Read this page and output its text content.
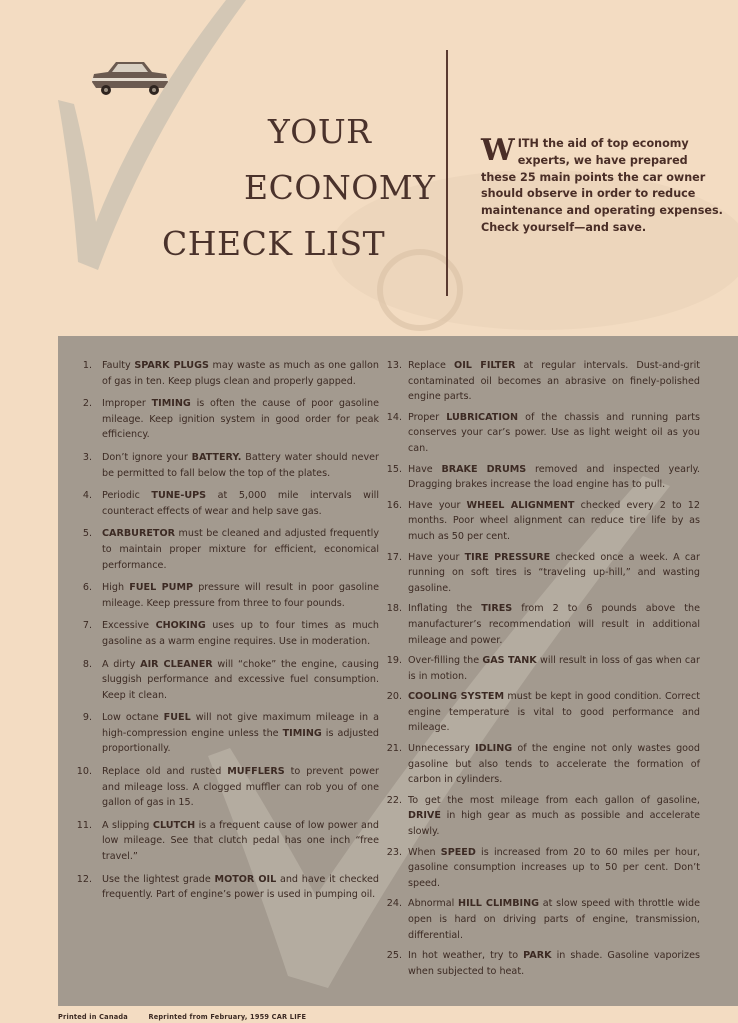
YOUR
ECONOMY
CHECK LIST
W ITH the aid of top economy experts, we have prepared these 25 main points the car owner should observe in order to reduce maintenance and operating expenses. Check yourself—and save.
1. Faulty SPARK PLUGS may waste as much as one gallon of gas in ten. Keep plugs clean and properly gapped.
2. Improper TIMING is often the cause of poor gasoline mileage. Keep ignition system in good order for peak efficiency.
3. Don’t ignore your BATTERY. Battery water should never be permitted to fall below the top of the plates.
4. Periodic TUNE-UPS at 5,000 mile intervals will counteract effects of wear and help save gas.
5. CARBURETOR must be cleaned and adjusted frequently to maintain proper mixture for efficient, economical performance.
6. High FUEL PUMP pressure will result in poor gasoline mileage. Keep pressure from three to four pounds.
7. Excessive CHOKING uses up to four times as much gasoline as a warm engine requires. Use in moderation.
8. A dirty AIR CLEANER will “choke” the engine, causing sluggish performance and excessive fuel consumption. Keep it clean.
9. Low octane FUEL will not give maximum mileage in a high-compression engine unless the TIMING is adjusted proportionally.
10. Replace old and rusted MUFFLERS to prevent power and mileage loss. A clogged muffler can rob you of one gallon of gas in 15.
11. A slipping CLUTCH is a frequent cause of low power and low mileage. See that clutch pedal has one inch “free travel.”
12. Use the lightest grade MOTOR OIL and have it checked frequently. Part of engine’s power is used in pumping oil.
13. Replace OIL FILTER at regular intervals. Dust-and-grit contaminated oil becomes an abrasive on finely-polished engine parts.
14. Proper LUBRICATION of the chassis and running parts conserves your car’s power. Use as light weight oil as you can.
15. Have BRAKE DRUMS removed and inspected yearly. Dragging brakes increase the load engine has to pull.
16. Have your WHEEL ALIGNMENT checked every 2 to 12 months. Poor wheel alignment can reduce tire life by as much as 50 per cent.
17. Have your TIRE PRESSURE checked once a week. A car running on soft tires is “traveling up-hill,” and wasting gasoline.
18. Inflating the TIRES from 2 to 6 pounds above the manufacturer’s recommendation will result in additional mileage and power.
19. Over-filling the GAS TANK will result in loss of gas when car is in motion.
20. COOLING SYSTEM must be kept in good condition. Correct engine temperature is vital to good performance and mileage.
21. Unnecessary IDLING of the engine not only wastes good gasoline but also tends to accelerate the formation of carbon in cylinders.
22. To get the most mileage from each gallon of gasoline, DRIVE in high gear as much as possible and accelerate slowly.
23. When SPEED is increased from 20 to 60 miles per hour, gasoline consumption increases up to 50 per cent. Don’t speed.
24. Abnormal HILL CLIMBING at slow speed with throttle wide open is hard on driving parts of engine, transmission, differential.
25. In hot weather, try to PARK in shade. Gasoline vaporizes when subjected to heat.
Printed in Canada	Reprinted from February, 1959 CAR LIFE
